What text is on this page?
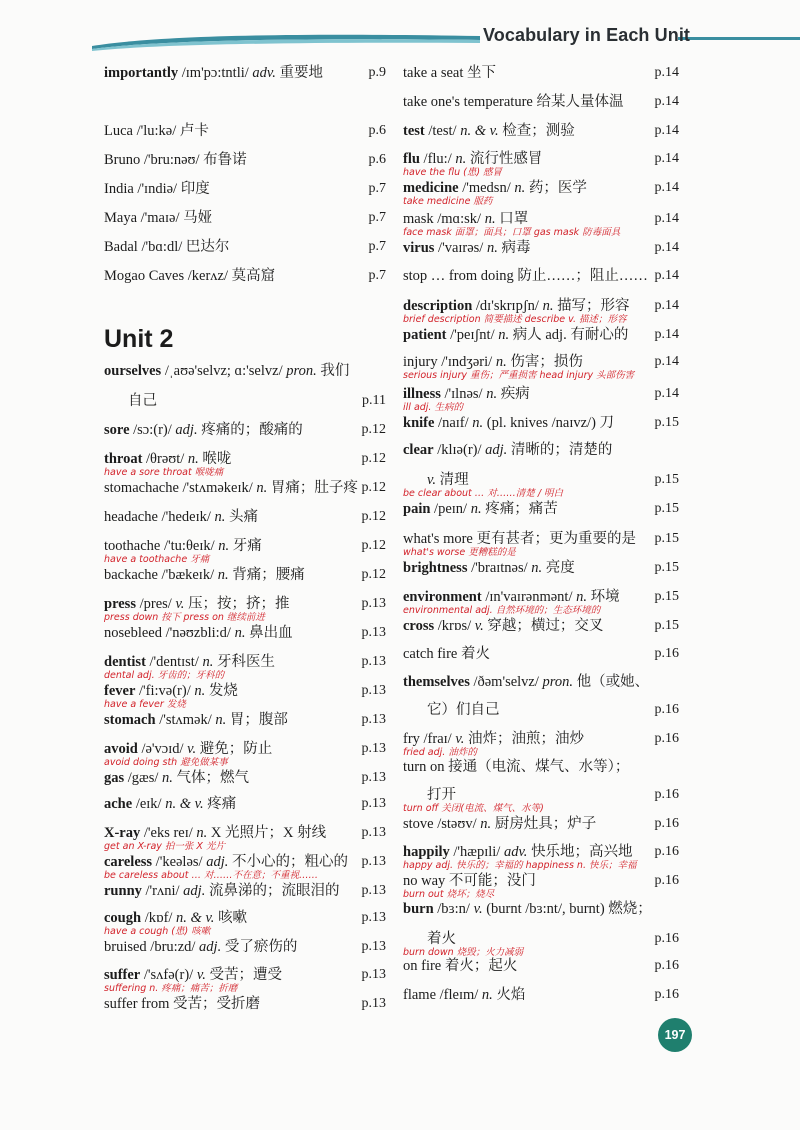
Vocabulary in Each Unit
importantly /ɪm'pɔ:tntli/ adv. 重要地	p.9
Luca /'lu:kə/ 卢卡	p.6
Bruno /'bru:nəʊ/ 布鲁诺	p.6
India /'ɪndiə/ 印度	p.7
Maya /'maɪə/ 马娅	p.7
Badal /'bɑ:dl/ 巴达尔	p.7
Mogao Caves /kerʌz/ 莫高窟	p.7
ourselves /ˌaʊə'selvz; ɑ:'selvz/ pron. 我们
自己	p.11
sore /sɔ:(r)/ adj. 疼痛的；酸痛的	p.12
throat /θrəʊt/ n. 喉咙	p.12
have a sore throat 喉咙痛
stomachache /'stʌməkeɪk/ n. 胃痛；肚子疼 p.12
headache /'hedeɪk/ n. 头痛	p.12
toothache /'tu:θeɪk/ n. 牙痛	p.12
have a toothache 牙痛
backache /'bækeɪk/ n. 背痛；腰痛	p.12
press /pres/ v. 压；按；挤；推	p.13
press down 按下 press on 继续前进
nosebleed /'nəʊzbli:d/ n. 鼻出血	p.13
dentist /'dentɪst/ n. 牙科医生	p.13
dental adj. 牙齿的；牙科的
fever /'fi:və(r)/ n. 发烧	p.13
have a fever 发烧
stomach /'stʌmək/ n. 胃；腹部	p.13
avoid /ə'vɔɪd/ v. 避免；防止	p.13
avoid doing sth 避免做某事
gas /gæs/ n. 气体；燃气	p.13
ache /eɪk/ n. & v. 疼痛	p.13
X-ray /'eks reɪ/ n. X 光照片；X 射线	p.13
get an X-ray 拍一张 X 光片
careless /'keələs/ adj. 不小心的；粗心的 p.13
be careless about … 对……不在意；不重视……
runny /'rʌni/ adj. 流鼻涕的；流眼泪的 p.13
cough /kɒf/ n. & v. 咳嗽	p.13
have a cough (患) 咳嗽
bruised /bru:zd/ adj. 受了瘀伤的	p.13
suffer /'sʌfə(r)/ v. 受苦；遭受	p.13
suffering n. 疼痛；痛苦；折磨
suffer from 受苦；受折磨	p.13
Unit 2
take a seat 坐下	p.14
take one's temperature 给某人量体温 p.14
test /test/ n. & v. 检查；测验	p.14
flu /flu:/ n. 流行性感冒	p.14
have the flu (患) 感冒
medicine /'medsn/ n. 药；医学	p.14
take medicine 服药
mask /mɑ:sk/ n. 口罩	p.14
face mask 面罩；面具；口罩 gas mask 防毒面具
virus /'vaɪrəs/ n. 病毒	p.14
stop … from doing 防止……；阻止…… p.14
description /dɪ'skrɪpʃn/ n. 描写；形容 p.14
brief description 简要描述 describe v. 描述；形容
patient /'peɪʃnt/ n. 病人 adj. 有耐心的 p.14
injury /'ɪndʒəri/ n. 伤害；损伤	p.14
serious injury 重伤；严重损害 head injury 头部伤害
illness /'ɪlnəs/ n. 疾病	p.14
ill adj. 生病的
knife /naɪf/ n. (pl. knives /naɪvz/) 刀	p.15
clear /klɪə(r)/ adj. 清晰的；清楚的
v. 清理	p.15
be clear about … 对……清楚 / 明白
pain /peɪn/ n. 疼痛；痛苦	p.15
what's more 更有甚者；更为重要的是 p.15
what's worse 更糟糕的是
brightness /'braɪtnəs/ n. 亮度	p.15
environment /ɪn'vaɪrənmənt/ n. 环境 p.15
environmental adj. 自然环境的；生态环境的
cross /krɒs/ v. 穿越；横过；交叉	p.15
catch fire 着火	p.16
themselves /ðəm'selvz/ pron. 他（或她、
它）们自己	p.16
fry /fraɪ/ v. 油炸；油煎；油炒	p.16
fried adj. 油炸的
turn on 接通（电流、煤气、水等）；
打开	p.16
turn off 关闭(电流、煤气、水等)
stove /stəʊv/ n. 厨房灶具；炉子	p.16
happily /'hæpɪli/ adv. 快乐地；高兴地 p.16
happy adj. 快乐的；幸福的 happiness n. 快乐；幸福
no way 不可能；没门	p.16
burn out 烧坏；烧尽
burn /bɜ:n/ v. (burnt /bɜ:nt/, burnt) 燃烧；
着火	p.16
burn down 烧毁；火力减弱
on fire 着火；起火	p.16
flame /fleɪm/ n. 火焰	p.16
197
